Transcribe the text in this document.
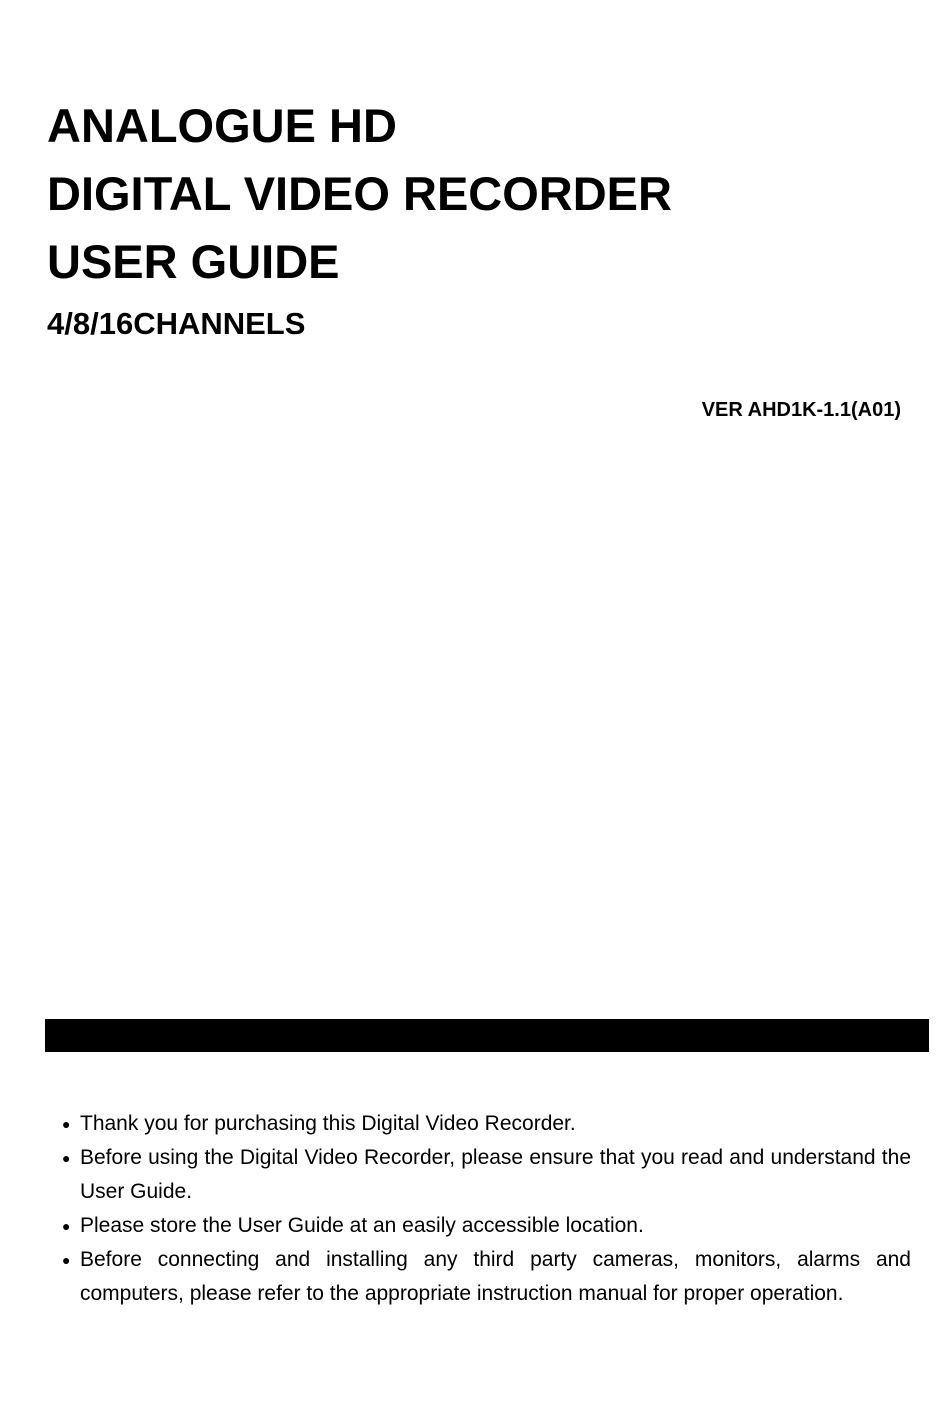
ANALOGUE HD
DIGITAL VIDEO RECORDER
USER GUIDE
4/8/16CHANNELS
VER AHD1K-1.1(A01)
● Thank you for purchasing this Digital Video Recorder.
● Before using the Digital Video Recorder, please ensure that you read and understand the User Guide.
● Please store the User Guide at an easily accessible location.
● Before connecting and installing any third party cameras, monitors, alarms and computers, please refer to the appropriate instruction manual for proper operation.
